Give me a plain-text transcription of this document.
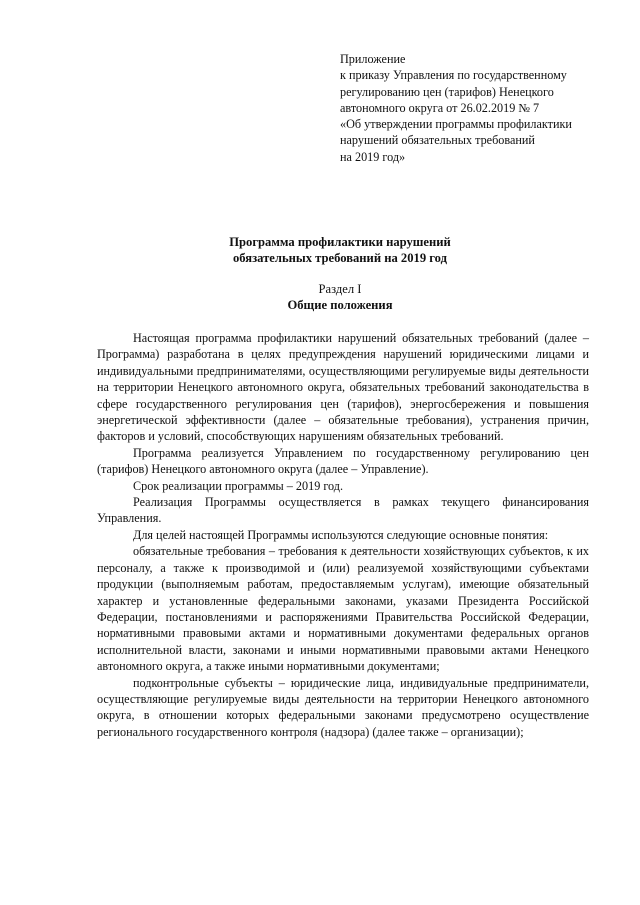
Приложение
к приказу Управления по государственному
регулированию цен (тарифов) Ненецкого
автономного округа от 26.02.2019 № 7
«Об утверждении программы профилактики
нарушений обязательных требований
на 2019 год»
Программа профилактики нарушений
обязательных требований на 2019 год
Раздел I
Общие положения

Настоящая программа профилактики нарушений обязательных требований (далее – Программа) разработана в целях предупреждения нарушений юридическими лицами и индивидуальными предпринимателями, осуществляющими регулируемые виды деятельности на территории Ненецкого автономного округа, обязательных требований законодательства в сфере государственного регулирования цен (тарифов), энергосбережения и повышения энергетической эффективности (далее – обязательные требования), устранения причин, факторов и условий, способствующих нарушениям обязательных требований.

Программа реализуется Управлением по государственному регулированию цен (тарифов) Ненецкого автономного округа (далее – Управление).

Срок реализации программы – 2019 год.

Реализация Программы осуществляется в рамках текущего финансирования Управления.

Для целей настоящей Программы используются следующие основные понятия:

обязательные требования – требования к деятельности хозяйствующих субъектов, к их персоналу, а также к производимой и (или) реализуемой хозяйствующими субъектами продукции (выполняемым работам, предоставляемым услугам), имеющие обязательный характер и установленные федеральными законами, указами Президента Российской Федерации, постановлениями и распоряжениями Правительства Российской Федерации, нормативными правовыми актами и нормативными документами федеральных органов исполнительной власти, законами и иными нормативными правовыми актами Ненецкого автономного округа, а также иными нормативными документами;

подконтрольные субъекты – юридические лица, индивидуальные предприниматели, осуществляющие регулируемые виды деятельности на территории Ненецкого автономного округа, в отношении которых федеральными законами предусмотрено осуществление регионального государственного контроля (надзора) (далее также – организации);
